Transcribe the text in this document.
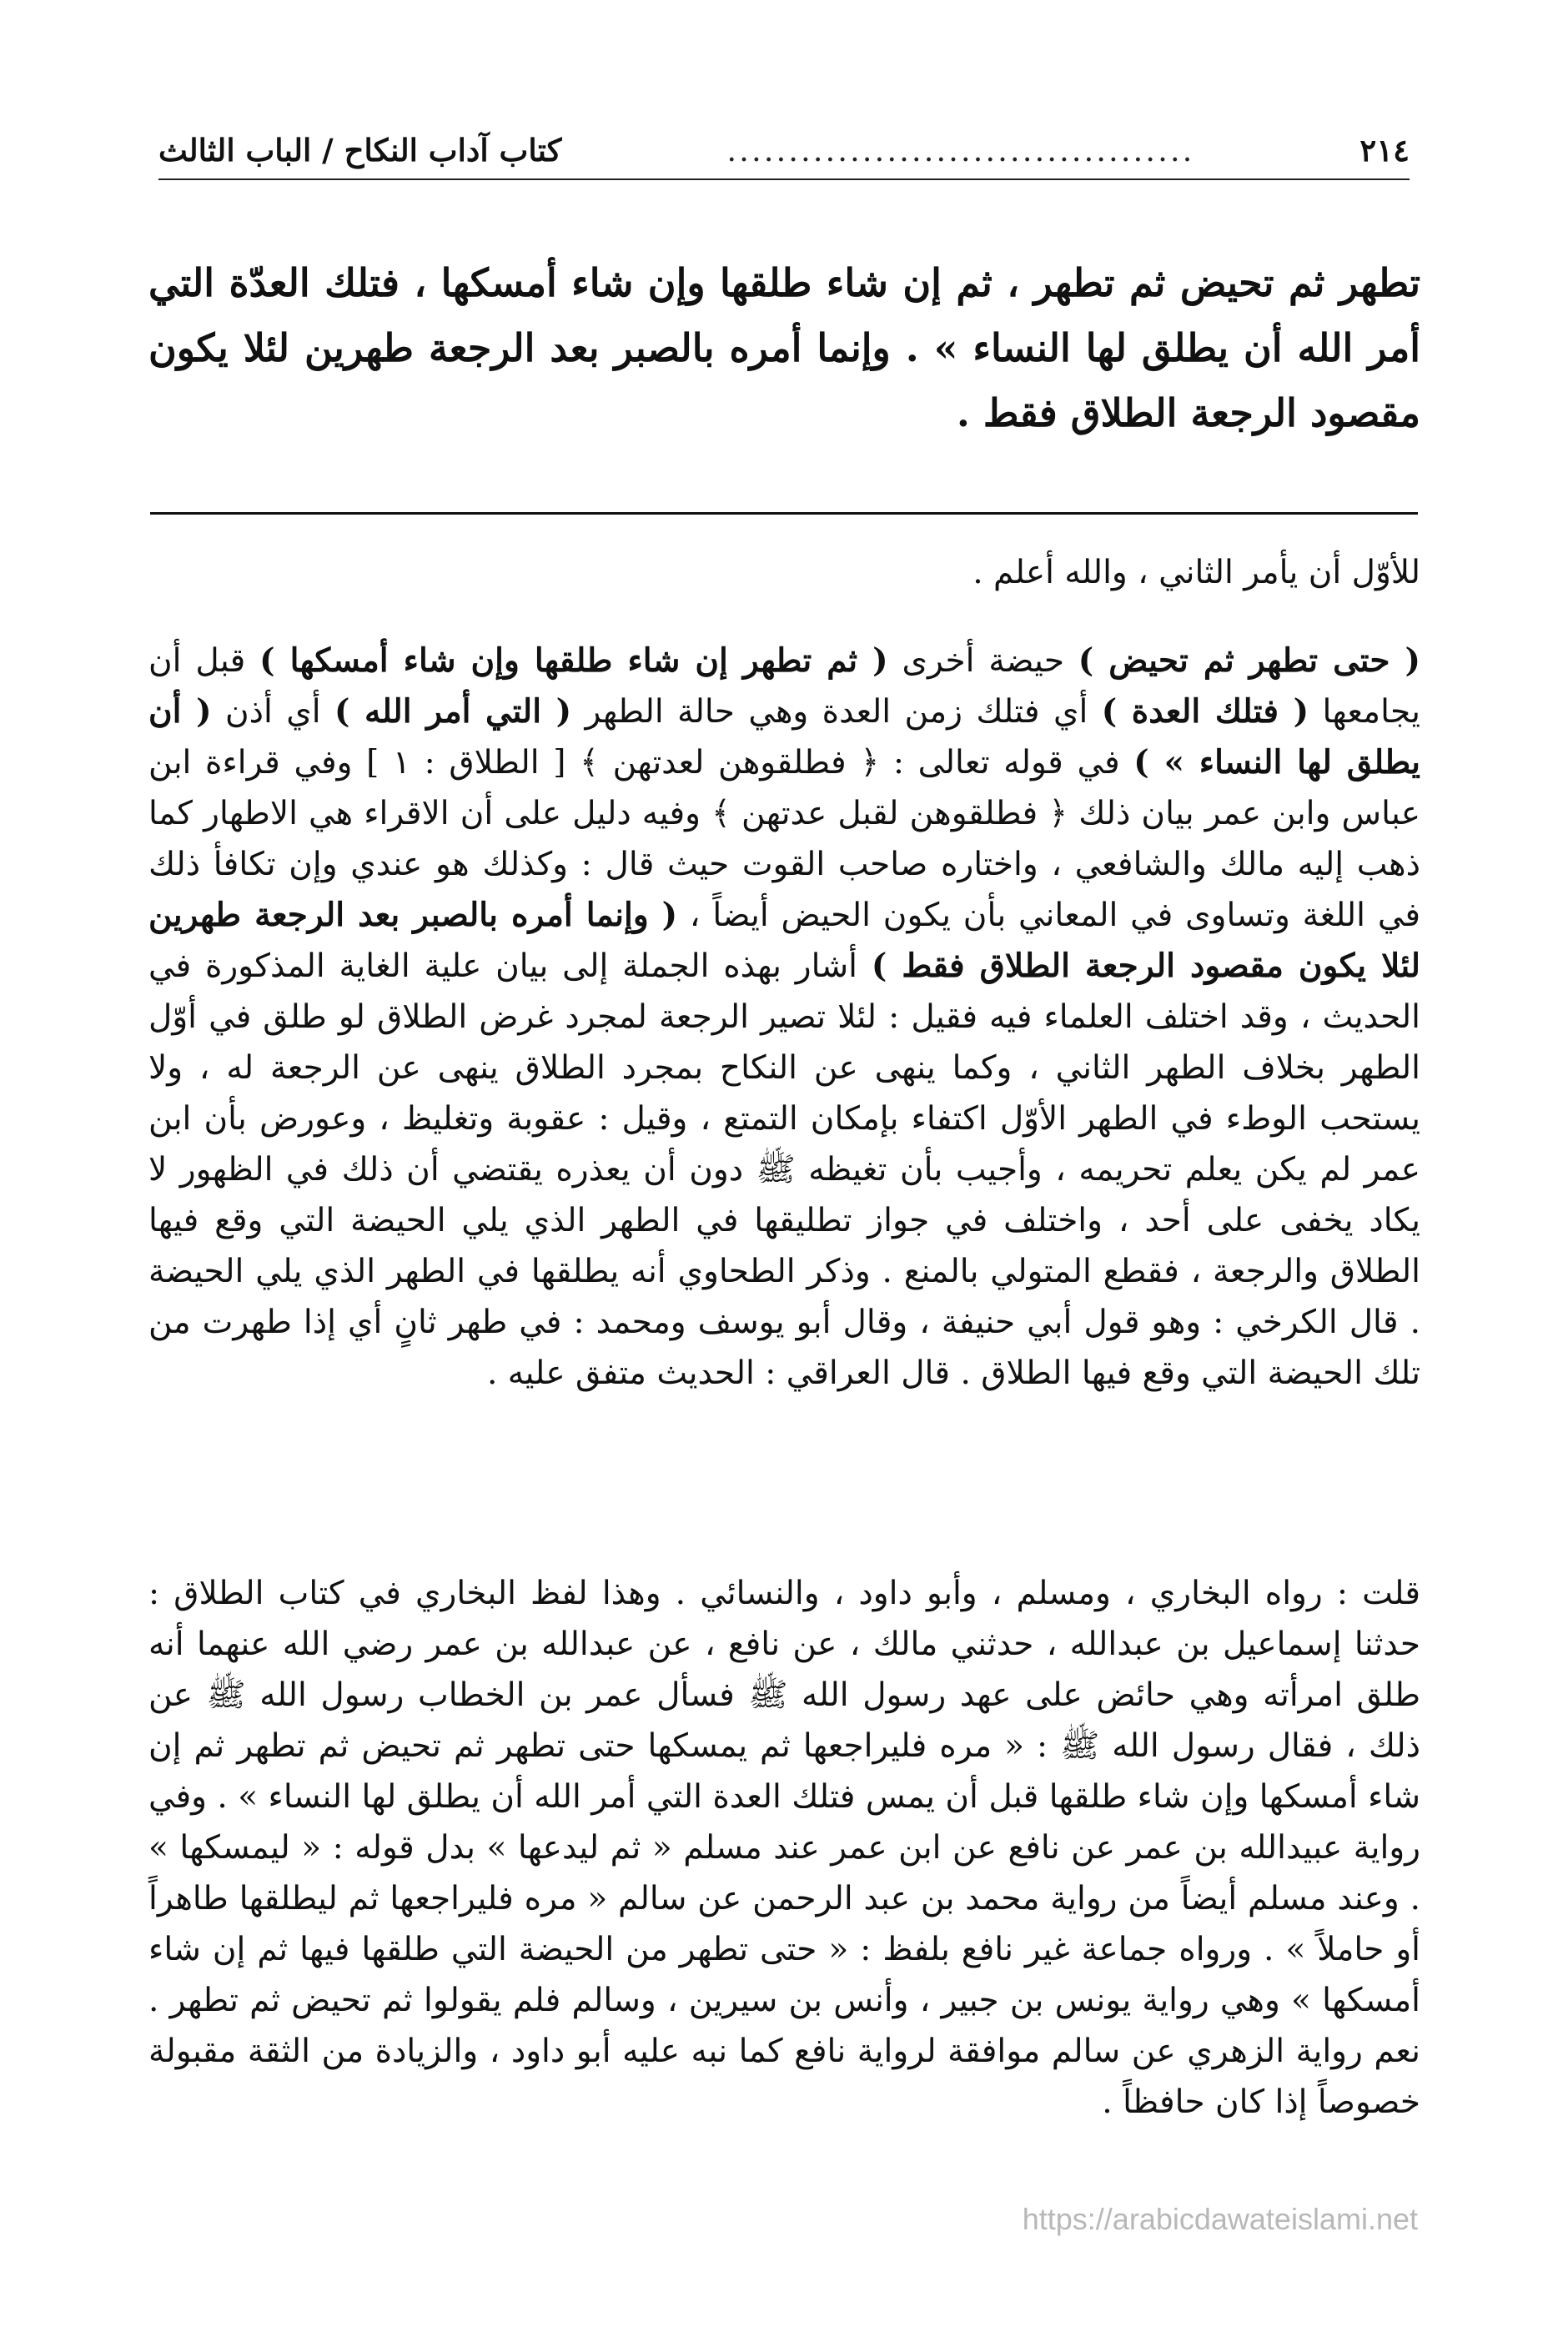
٢١٤
......................................
كتاب آداب النكاح / الباب الثالث

تطهر ثم تحيض ثم تطهر ، ثم إن شاء طلقها وإن شاء أمسكها ، فتلك العدّة التي أمر الله أن يطلق لها النساء » . وإنما أمره بالصبر بعد الرجعة طهرين لئلا يكون مقصود الرجعة الطلاق فقط .

للأوّل أن يأمر الثاني ، والله أعلم .

( حتى تطهر ثم تحيض ) حيضة أخرى ( ثم تطهر إن شاء طلقها وإن شاء أمسكها ) قبل أن يجامعها ( فتلك العدة ) أي فتلك زمن العدة وهي حالة الطهر ( التي أمر الله ) أي أذن ( أن يطلق لها النساء » ) في قوله تعالى : ﴿ فطلقوهن لعدتهن ﴾ [ الطلاق : ١ ] وفي قراءة ابن عباس وابن عمر بيان ذلك ﴿ فطلقوهن لقبل عدتهن ﴾ وفيه دليل على أن الاقراء هي الاطهار كما ذهب إليه مالك والشافعي ، واختاره صاحب القوت حيث قال : وكذلك هو عندي وإن تكافأ ذلك في اللغة وتساوى في المعاني بأن يكون الحيض أيضاً ، ( وإنما أمره بالصبر بعد الرجعة طهرين لئلا يكون مقصود الرجعة الطلاق فقط ) أشار بهذه الجملة إلى بيان علية الغاية المذكورة في الحديث ، وقد اختلف العلماء فيه فقيل : لئلا تصير الرجعة لمجرد غرض الطلاق لو طلق في أوّل الطهر بخلاف الطهر الثاني ، وكما ينهى عن النكاح بمجرد الطلاق ينهى عن الرجعة له ، ولا يستحب الوطء في الطهر الأوّل اكتفاء بإمكان التمتع ، وقيل : عقوبة وتغليظ ، وعورض بأن ابن عمر لم يكن يعلم تحريمه ، وأجيب بأن تغيظه ﷺ دون أن يعذره يقتضي أن ذلك في الظهور لا يكاد يخفى على أحد ، واختلف في جواز تطليقها في الطهر الذي يلي الحيضة التي وقع فيها الطلاق والرجعة ، فقطع المتولي بالمنع . وذكر الطحاوي أنه يطلقها في الطهر الذي يلي الحيضة . قال الكرخي : وهو قول أبي حنيفة ، وقال أبو يوسف ومحمد : في طهر ثانٍ أي إذا طهرت من تلك الحيضة التي وقع فيها الطلاق . قال العراقي : الحديث متفق عليه .

قلت : رواه البخاري ، ومسلم ، وأبو داود ، والنسائي . وهذا لفظ البخاري في كتاب الطلاق : حدثنا إسماعيل بن عبدالله ، حدثني مالك ، عن نافع ، عن عبدالله بن عمر رضي الله عنهما أنه طلق امرأته وهي حائض على عهد رسول الله ﷺ فسأل عمر بن الخطاب رسول الله ﷺ عن ذلك ، فقال رسول الله ﷺ : « مره فليراجعها ثم يمسكها حتى تطهر ثم تحيض ثم تطهر ثم إن شاء أمسكها وإن شاء طلقها قبل أن يمس فتلك العدة التي أمر الله أن يطلق لها النساء » . وفي رواية عبيدالله بن عمر عن نافع عن ابن عمر عند مسلم « ثم ليدعها » بدل قوله : « ليمسكها » . وعند مسلم أيضاً من رواية محمد بن عبد الرحمن عن سالم « مره فليراجعها ثم ليطلقها طاهراً أو حاملاً » . ورواه جماعة غير نافع بلفظ : « حتى تطهر من الحيضة التي طلقها فيها ثم إن شاء أمسكها » وهي رواية يونس بن جبير ، وأنس بن سيرين ، وسالم فلم يقولوا ثم تحيض ثم تطهر . نعم رواية الزهري عن سالم موافقة لرواية نافع كما نبه عليه أبو داود ، والزيادة من الثقة مقبولة خصوصاً إذا كان حافظاً .

https://arabicdawateislami.net
